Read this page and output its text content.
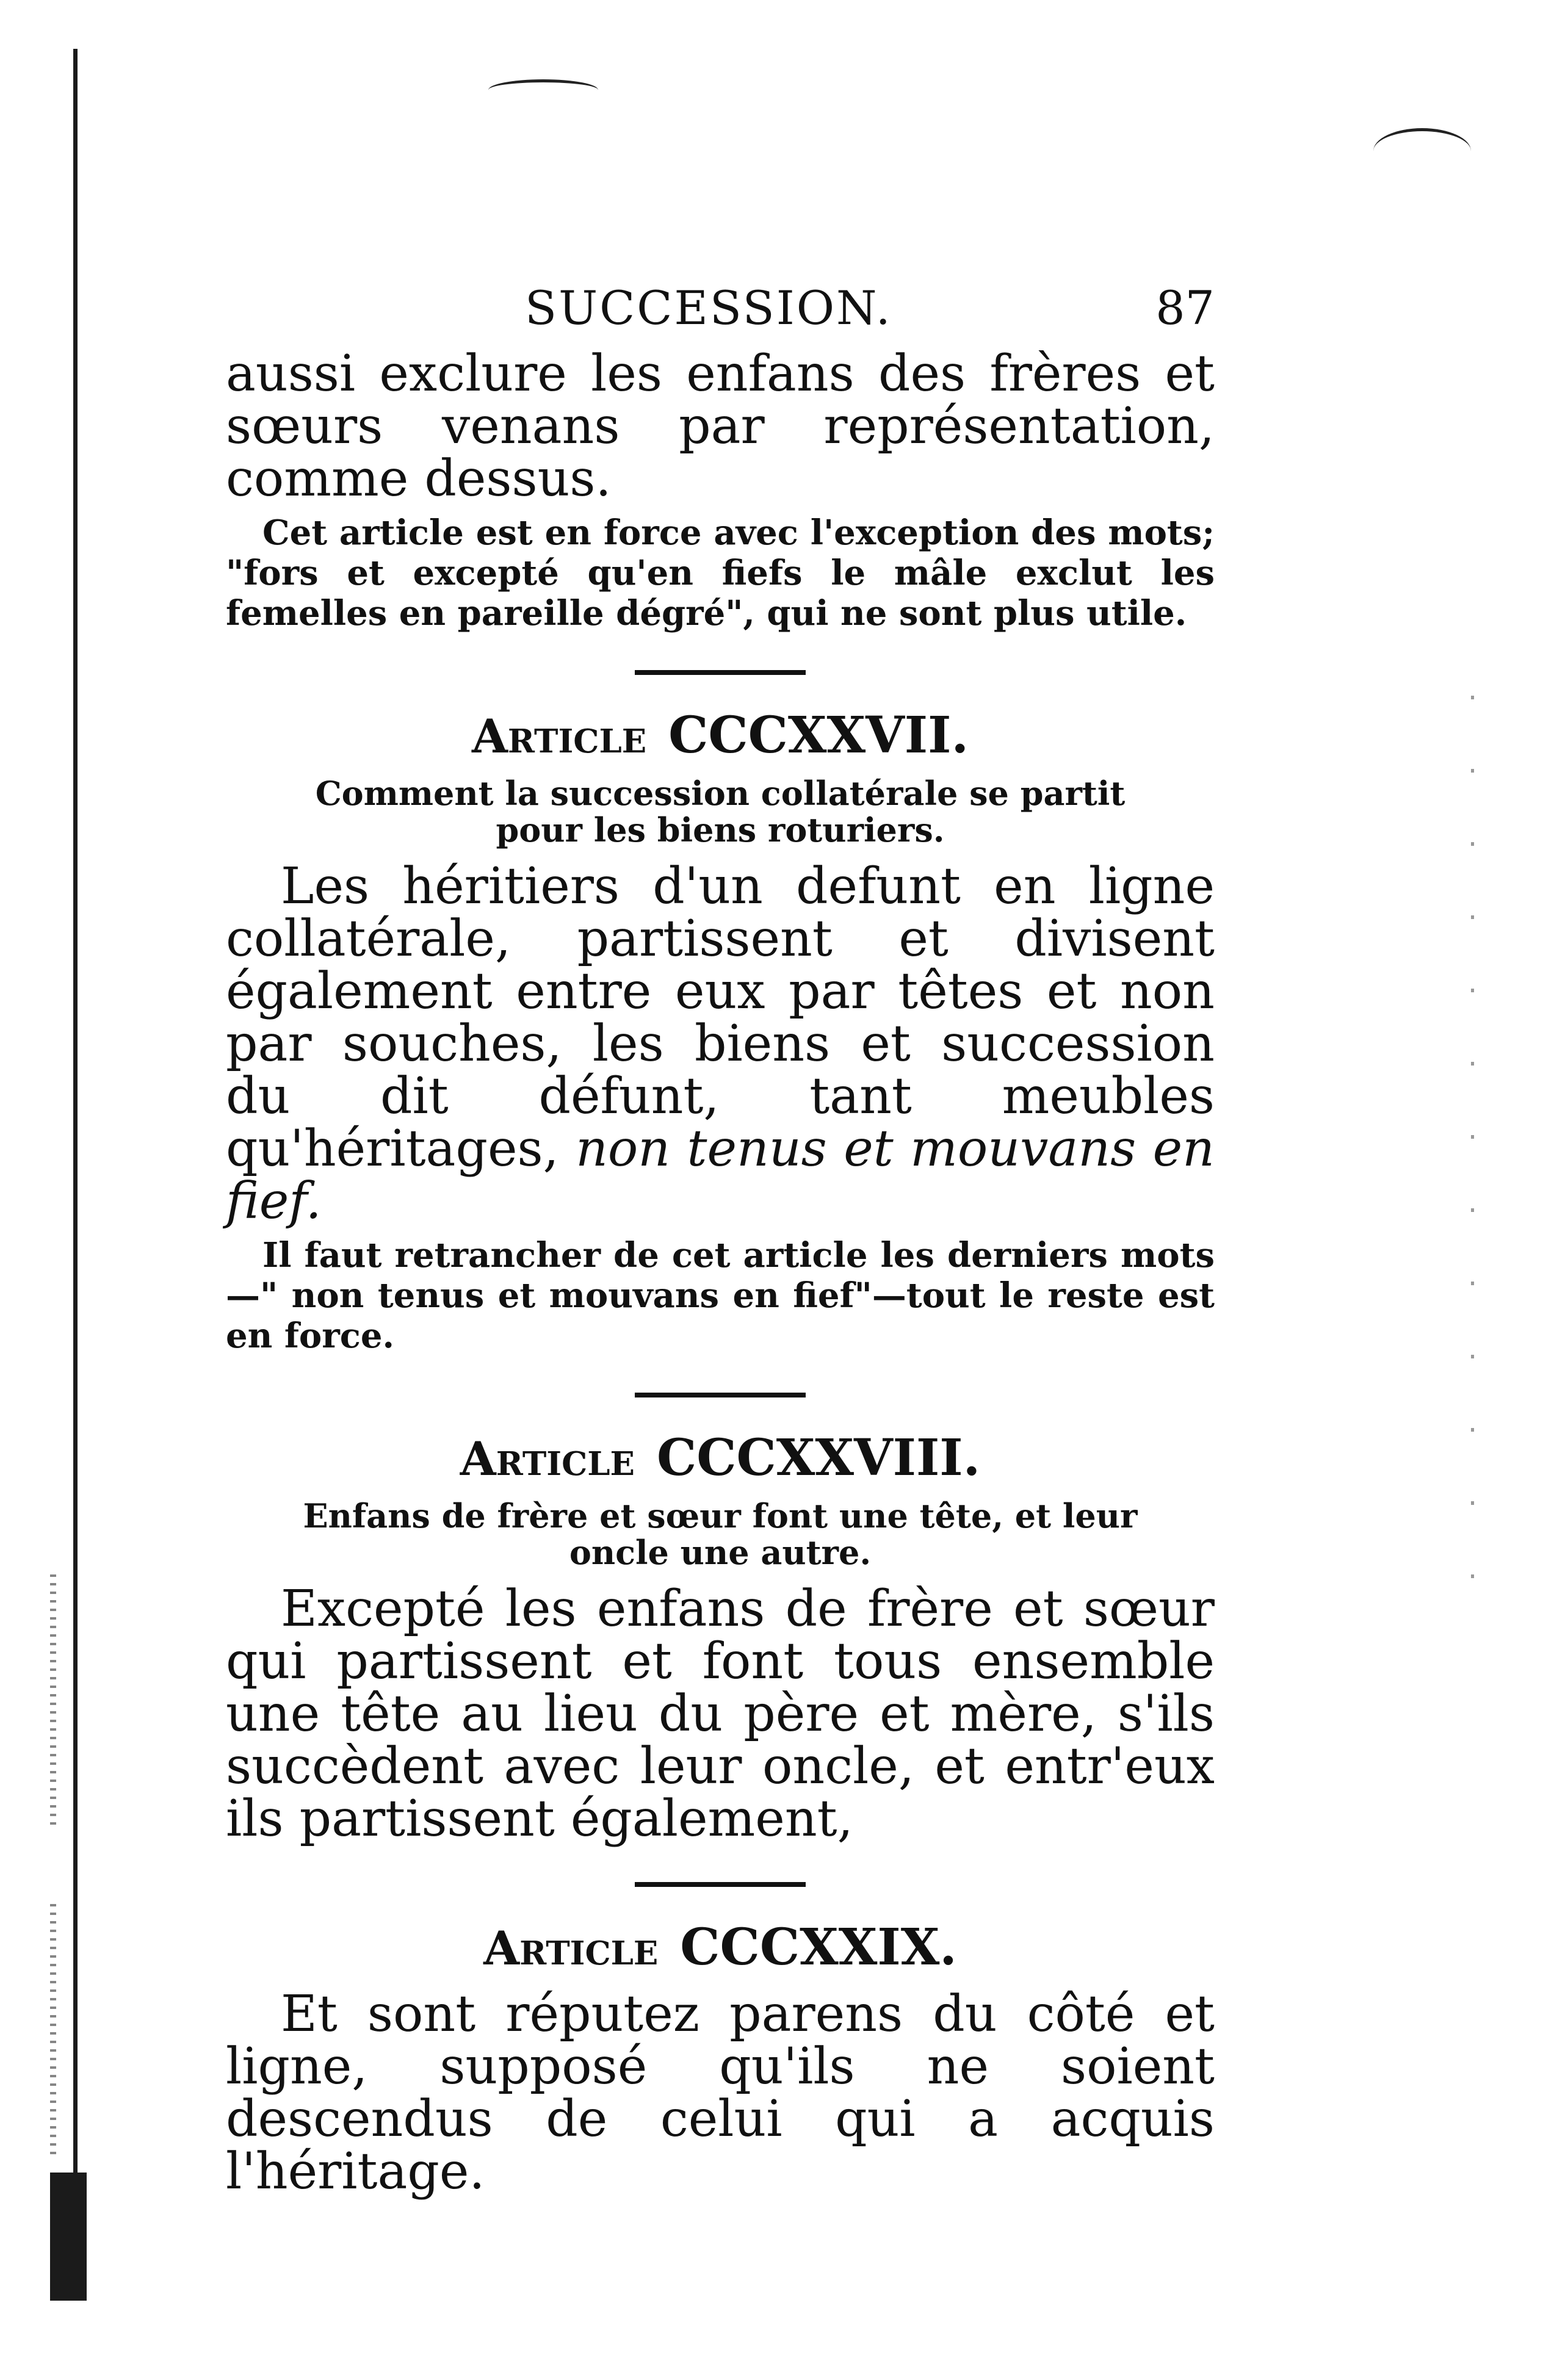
SUCCESSION.	87

aussi exclure les enfans des frères et sœurs venans par représentation, comme dessus.

Cet article est en force avec l'exception des mots; "fors et excepté qu'en fiefs le mâle exclut les femelles en pareille dégré", qui ne sont plus utile.

Article CCCXXVII.

Comment la succession collatérale se partit pour les biens roturiers.

Les héritiers d'un defunt en ligne collatérale, partissent et divisent également entre eux par têtes et non par souches, les biens et succession du dit défunt, tant meubles qu'héritages, non tenus et mouvans en fief.

Il faut retrancher de cet article les derniers mots —" non tenus et mouvans en fief"—tout le reste est en force.

Article CCCXXVIII.

Enfans de frère et sœur font une tête, et leur oncle une autre.

Excepté les enfans de frère et sœur qui partissent et font tous ensemble une tête au lieu du père et mère, s'ils succèdent avec leur oncle, et entr'eux ils partissent également,

Article CCCXXIX.

Et sont réputez parens du côté et ligne, supposé qu'ils ne soient descendus de celui qui a acquis l'héritage.
